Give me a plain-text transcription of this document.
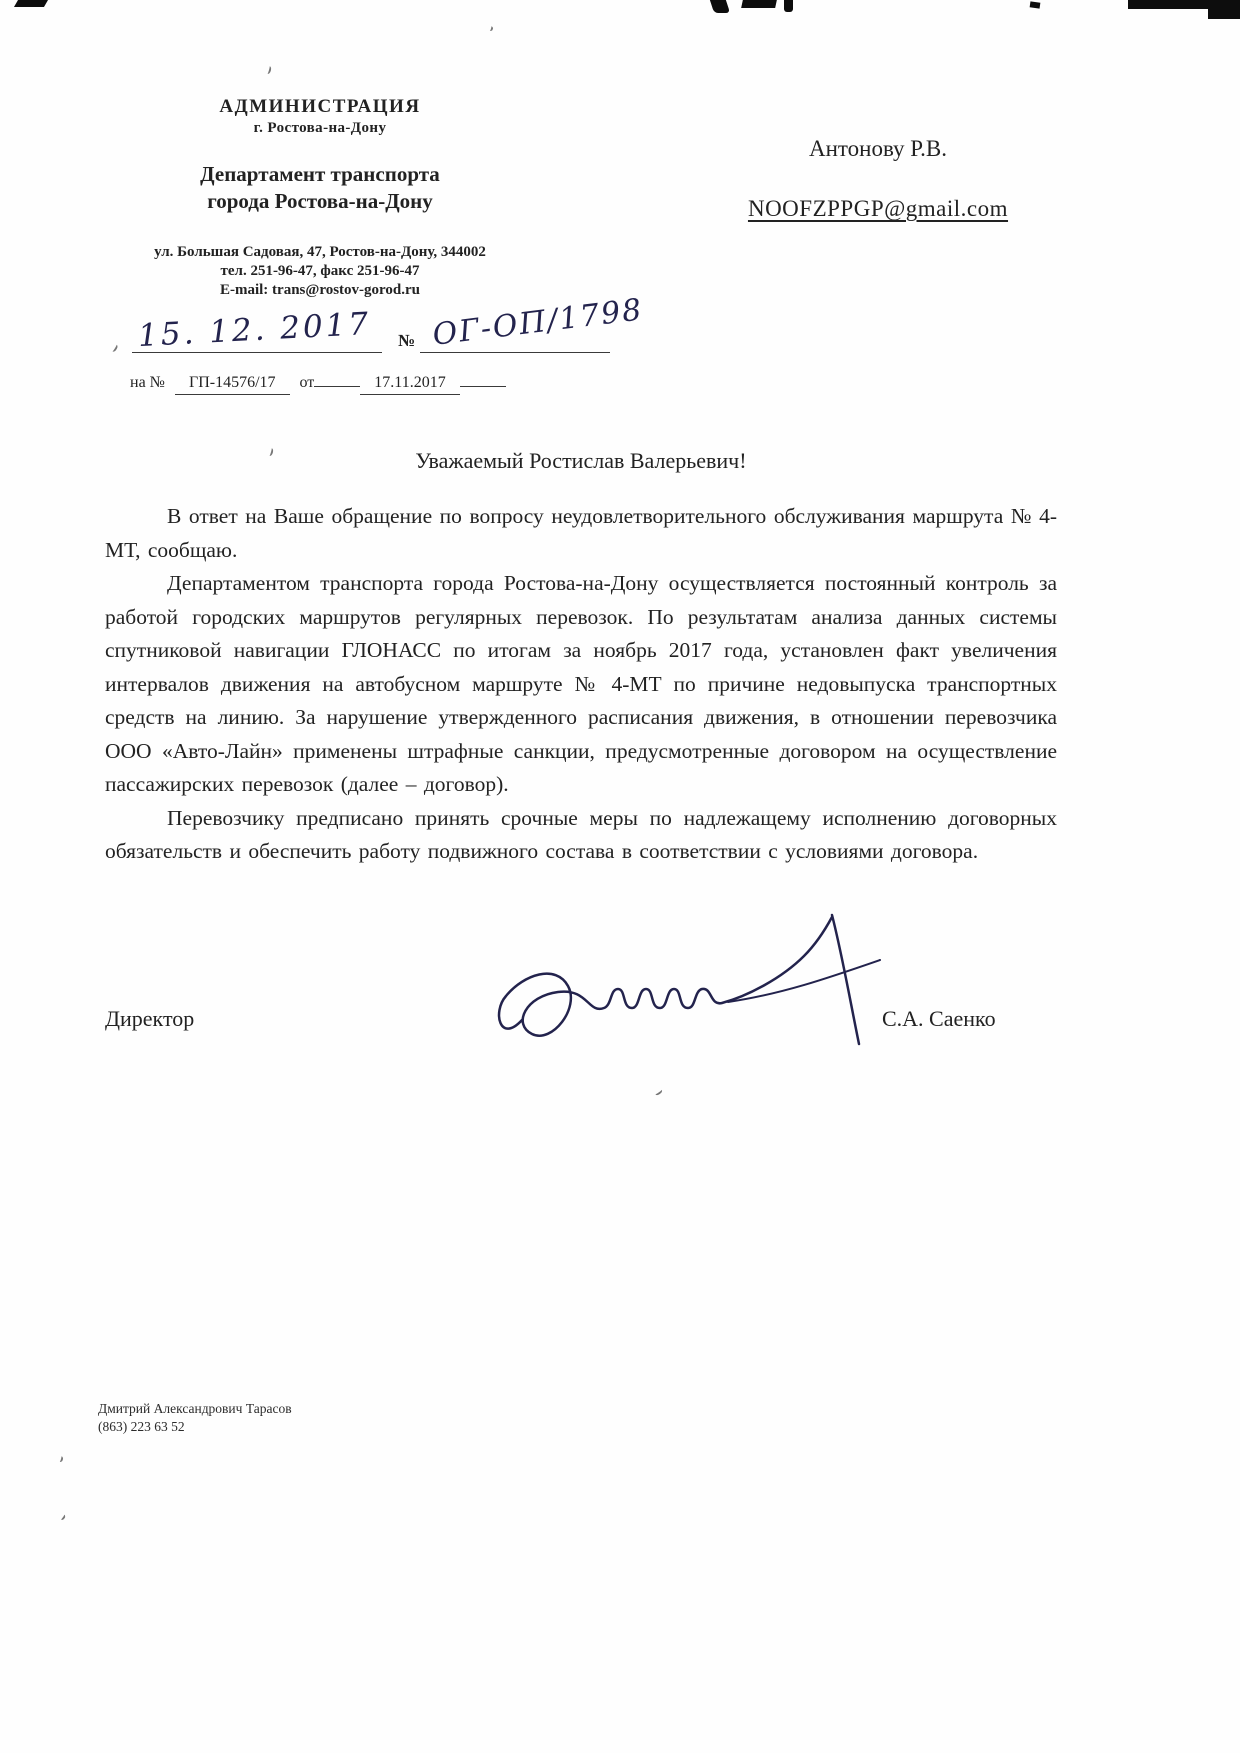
АДМИНИСТРАЦИЯ
г. Ростова-на-Дону
Департамент транспорта
города Ростова-на-Дону
ул. Большая Садовая, 47, Ростов-на-Дону, 344002
тел. 251-96-47, факс 251-96-47
E-mail: trans@rostov-gorod.ru
15. 12. 2017 № ОГ-ОП/1798
на №	ГП-14576/17	от	17.11.2017
Антонову Р.В.
NOOFZPPGP@gmail.com
Уважаемый Ростислав Валерьевич!

В ответ на Ваше обращение по вопросу неудовлетворительного обслуживания маршрута № 4-МТ, сообщаю.

Департаментом транспорта города Ростова-на-Дону осуществляется постоянный контроль за работой городских маршрутов регулярных перевозок. По результатам анализа данных системы спутниковой навигации ГЛОНАСС по итогам за ноябрь 2017 года, установлен факт увеличения интервалов движения на автобусном маршруте № 4-МТ по причине недовыпуска транспортных средств на линию. За нарушение утвержденного расписания движения, в отношении перевозчика ООО «Авто-Лайн» применены штрафные санкции, предусмотренные договором на осуществление пассажирских перевозок (далее – договор).

Перевозчику предписано принять срочные меры по надлежащему исполнению договорных обязательств и обеспечить работу подвижного состава в соответствии с условиями договора.

Директор	С.А. Саенко
Дмитрий Александрович Тарасов
(863) 223 63 52
